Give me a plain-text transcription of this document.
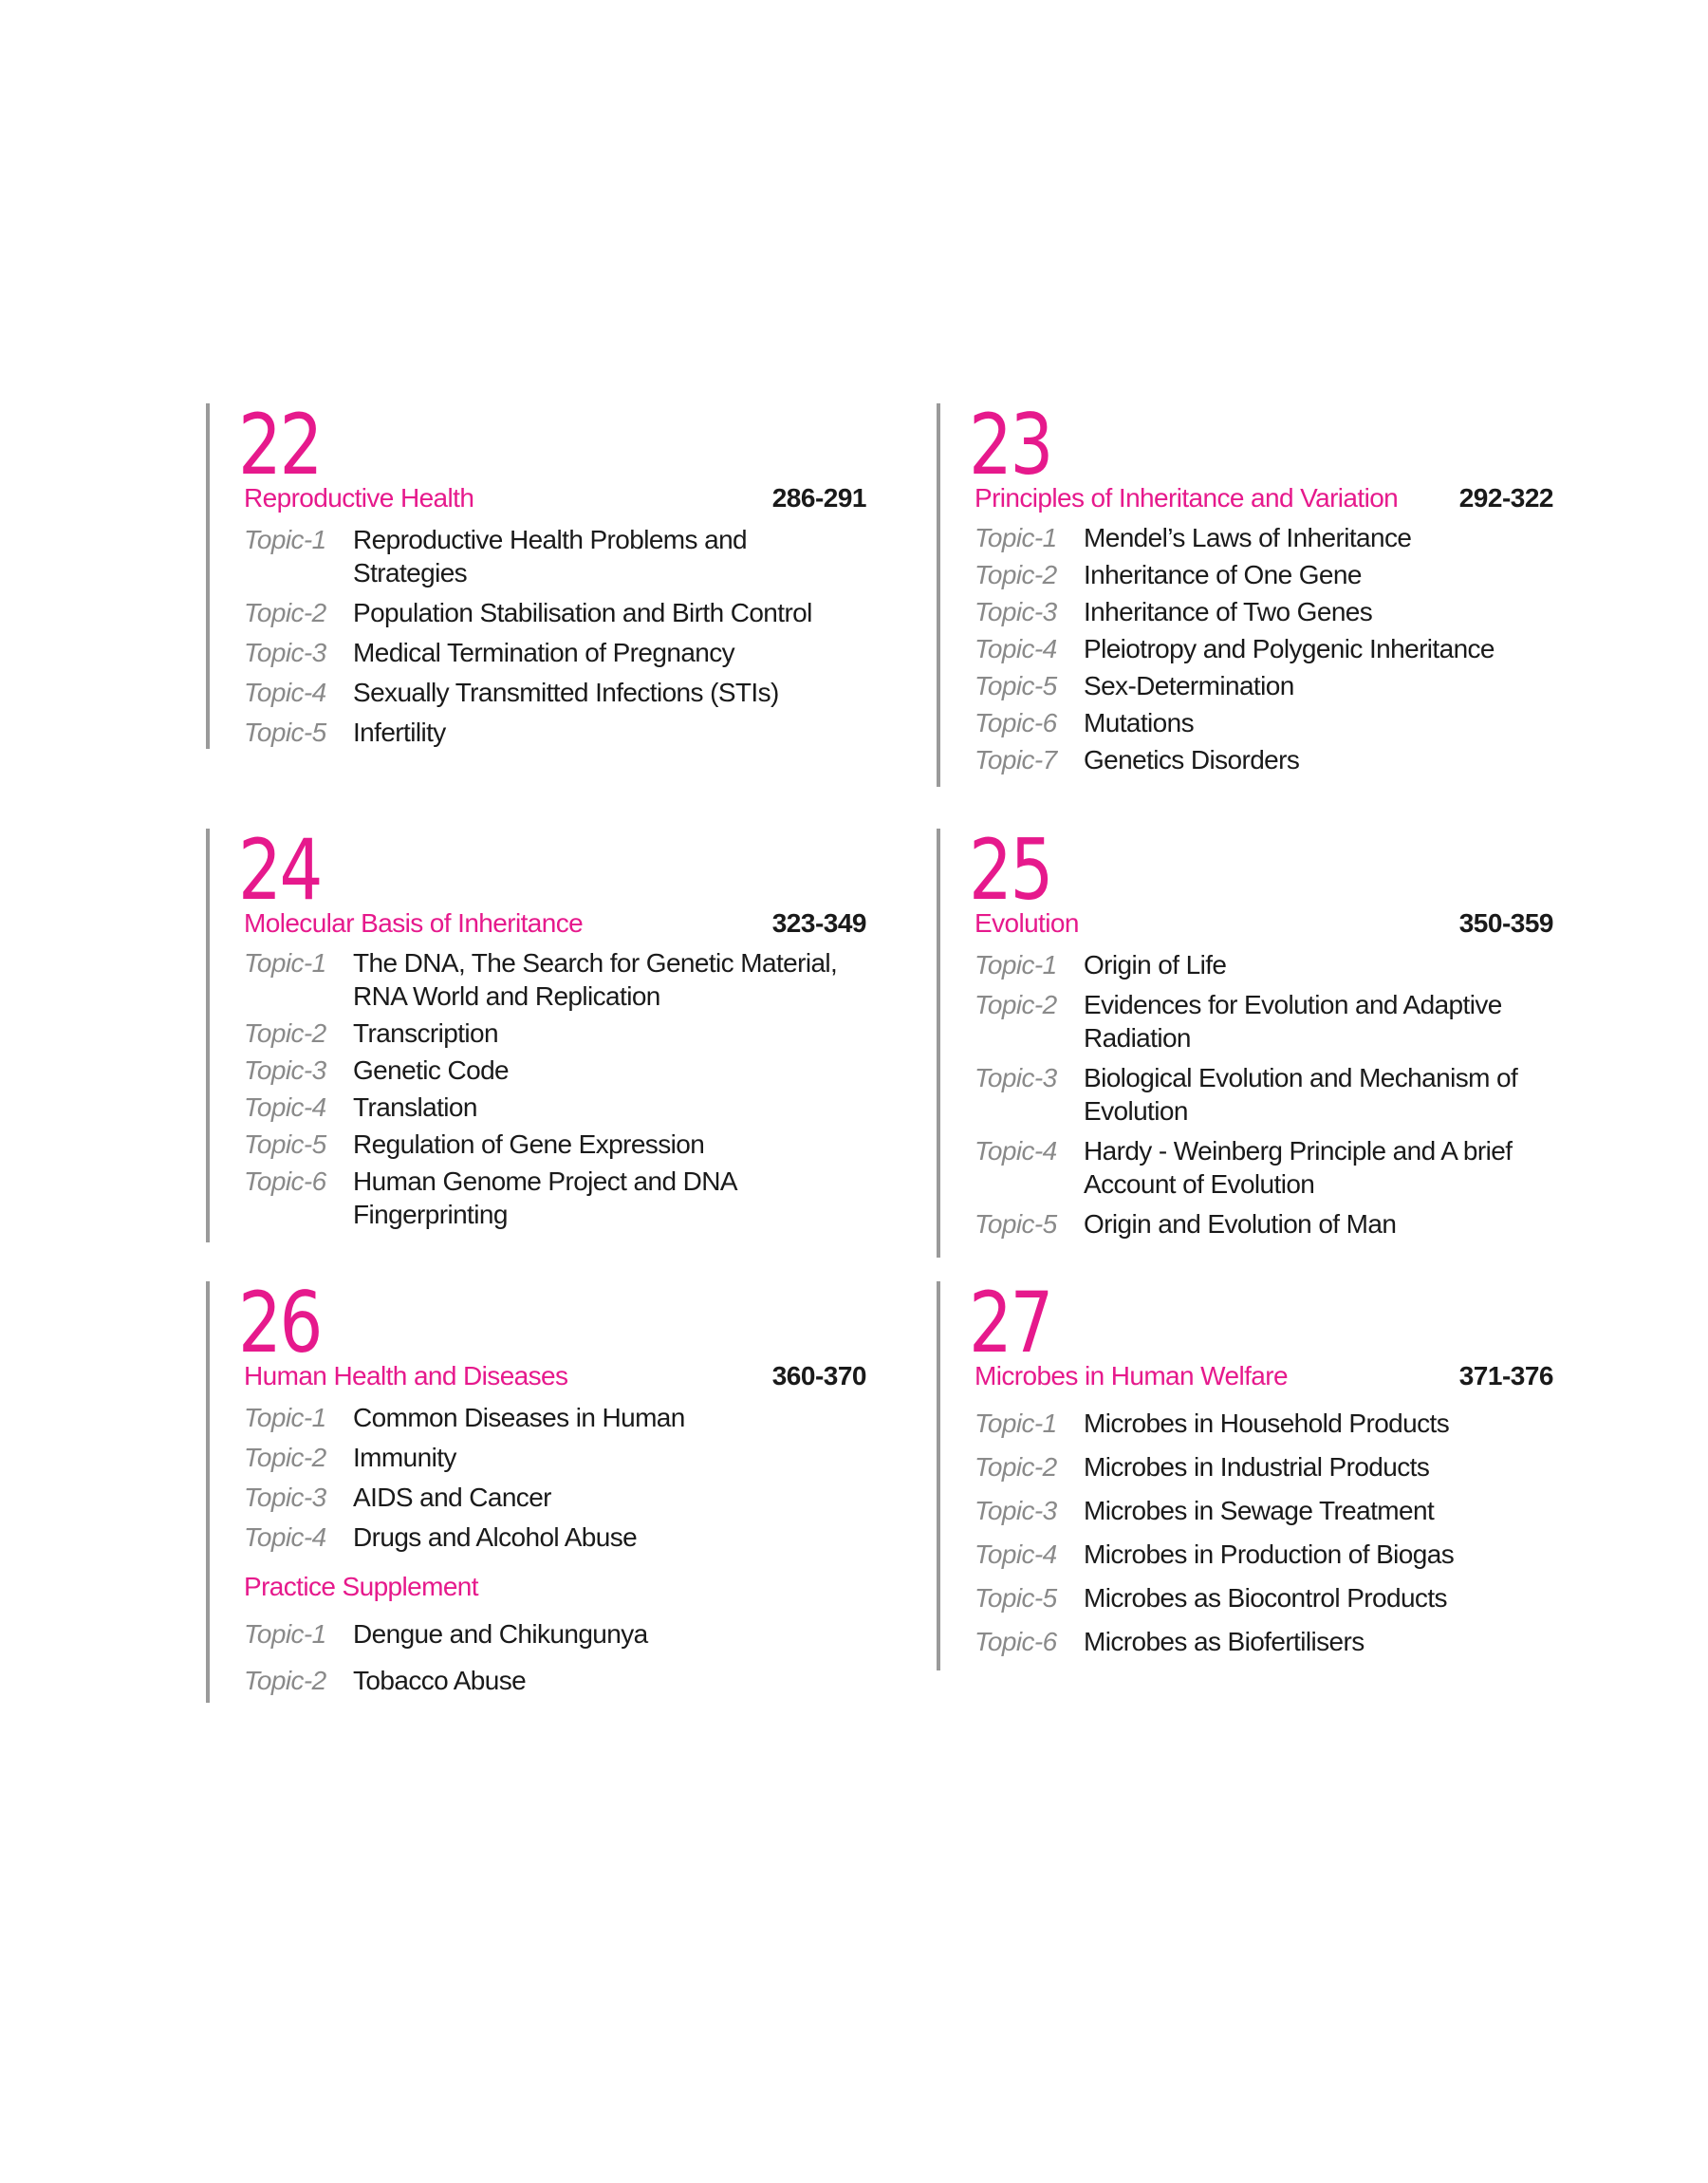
22
Reproductive Health	286-291
Topic-1	Reproductive Health Problems and Strategies
Topic-2	Population Stabilisation and Birth Control
Topic-3	Medical Termination of Pregnancy
Topic-4	Sexually Transmitted Infections (STIs)
Topic-5	Infertility
23
Principles of Inheritance and Variation 292-322
Topic-1	Mendel’s Laws of Inheritance
Topic-2	Inheritance of One Gene
Topic-3	Inheritance of Two Genes
Topic-4	Pleiotropy and Polygenic Inheritance
Topic-5	Sex-Determination
Topic-6	Mutations
Topic-7	Genetics Disorders
24
Molecular Basis of Inheritance	323-349
Topic-1	The DNA, The Search for Genetic Material, RNA World and Replication
Topic-2	Transcription
Topic-3	Genetic Code
Topic-4	Translation
Topic-5	Regulation of Gene Expression
Topic-6	Human Genome Project and DNA Fingerprinting
25
Evolution	350-359
Topic-1	Origin of Life
Topic-2	Evidences for Evolution and Adaptive Radiation
Topic-3	Biological Evolution and Mechanism of Evolution
Topic-4	Hardy - Weinberg Principle and A brief Account of Evolution
Topic-5	Origin and Evolution of Man
26
Human Health and Diseases	360-370
Topic-1	Common Diseases in Human
Topic-2	Immunity
Topic-3	AIDS and Cancer
Topic-4	Drugs and Alcohol Abuse
Practice Supplement
Topic-1	Dengue and Chikungunya
Topic-2	Tobacco Abuse
27
Microbes in Human Welfare	371-376
Topic-1	Microbes in Household Products
Topic-2	Microbes in Industrial Products
Topic-3	Microbes in Sewage Treatment
Topic-4	Microbes in Production of Biogas
Topic-5	Microbes as Biocontrol Products
Topic-6	Microbes as Biofertilisers
